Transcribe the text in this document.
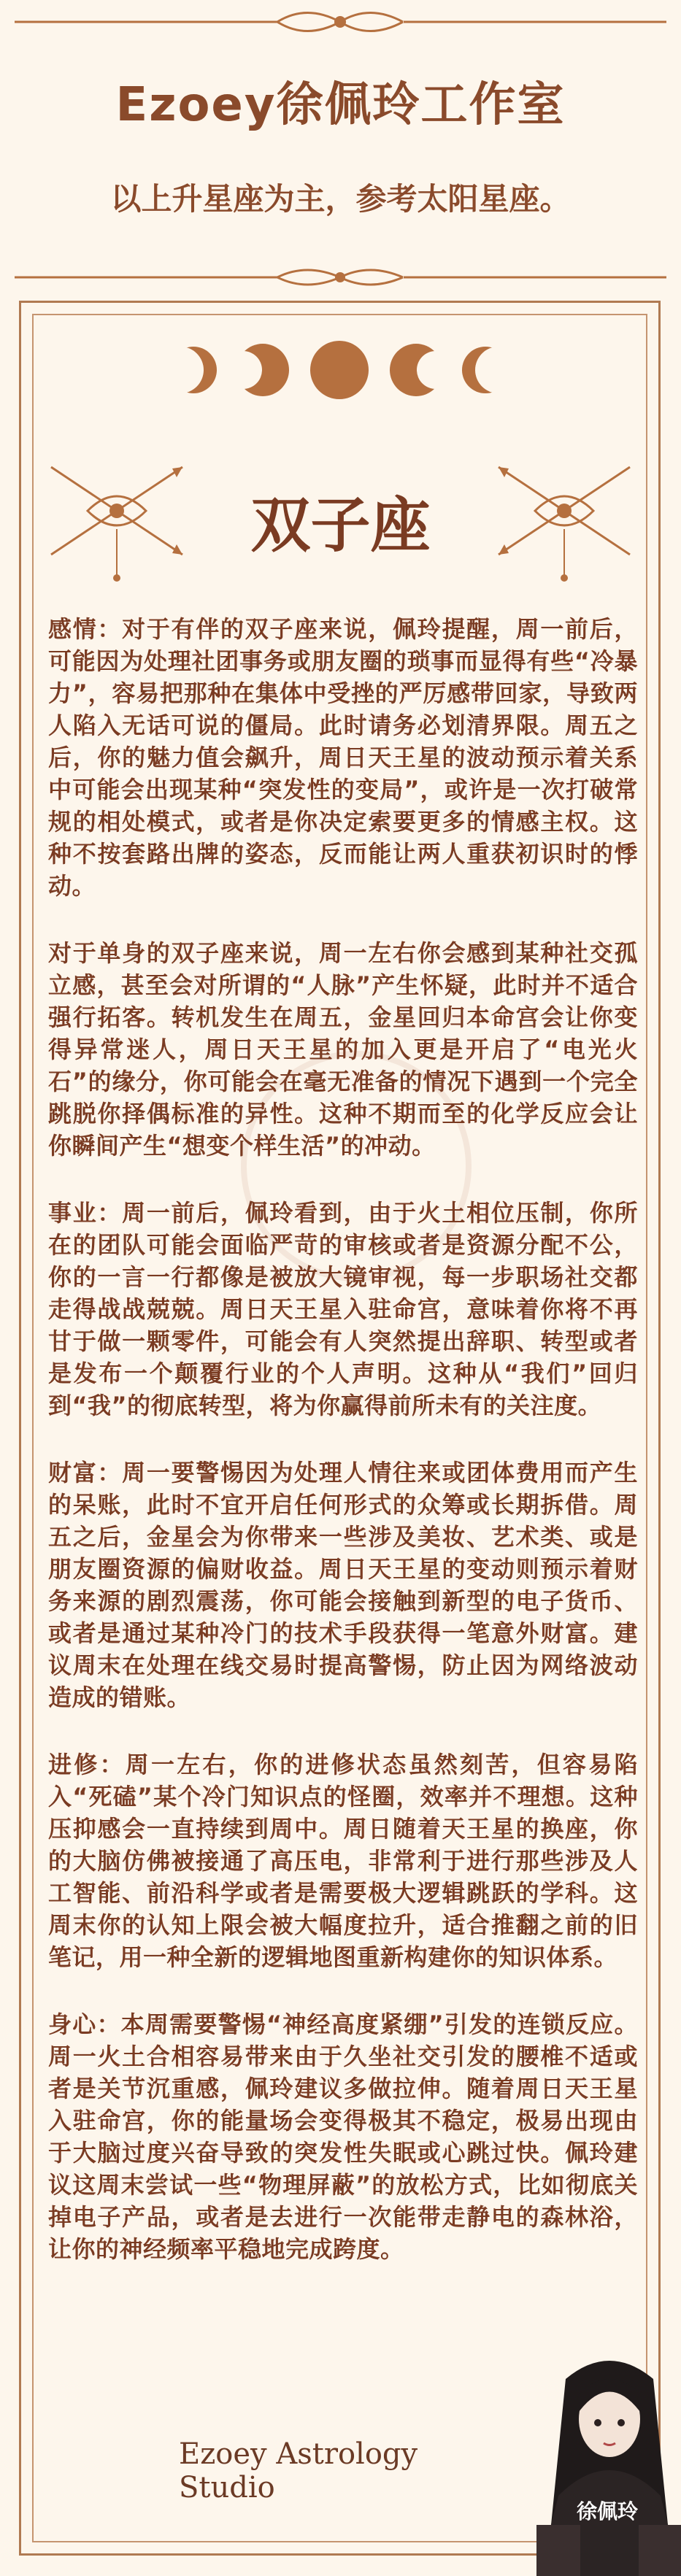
Ezoey徐佩玲工作室
以上升星座为主，参考太阳星座。
双子座

感情：对于有伴的双子座来说，佩玲提醒，周一前后，可能因为处理社团事务或朋友圈的琐事而显得有些“冷暴力”，容易把那种在集体中受挫的严厉感带回家，导致两人陷入无话可说的僵局。此时请务必划清界限。周五之后，你的魅力值会飙升，周日天王星的波动预示着关系中可能会出现某种“突发性的变局”，或许是一次打破常规的相处模式，或者是你决定索要更多的情感主权。这种不按套路出牌的姿态，反而能让两人重获初识时的悸动。

对于单身的双子座来说，周一左右你会感到某种社交孤立感，甚至会对所谓的“人脉”产生怀疑，此时并不适合强行拓客。转机发生在周五，金星回归本命宫会让你变得异常迷人，周日天王星的加入更是开启了“电光火石”的缘分，你可能会在毫无准备的情况下遇到一个完全跳脱你择偶标准的异性。这种不期而至的化学反应会让你瞬间产生“想变个样生活”的冲动。

事业：周一前后，佩玲看到，由于火土相位压制，你所在的团队可能会面临严苛的审核或者是资源分配不公，你的一言一行都像是被放大镜审视，每一步职场社交都走得战战兢兢。周日天王星入驻命宫，意味着你将不再甘于做一颗零件，可能会有人突然提出辞职、转型或者是发布一个颠覆行业的个人声明。这种从“我们”回归到“我”的彻底转型，将为你赢得前所未有的关注度。

财富：周一要警惕因为处理人情往来或团体费用而产生的呆账，此时不宜开启任何形式的众筹或长期拆借。周五之后，金星会为你带来一些涉及美妆、艺术类、或是朋友圈资源的偏财收益。周日天王星的变动则预示着财务来源的剧烈震荡，你可能会接触到新型的电子货币、或者是通过某种冷门的技术手段获得一笔意外财富。建议周末在处理在线交易时提高警惕，防止因为网络波动造成的错账。

进修：周一左右，你的进修状态虽然刻苦，但容易陷入“死磕”某个冷门知识点的怪圈，效率并不理想。这种压抑感会一直持续到周中。周日随着天王星的换座，你的大脑仿佛被接通了高压电，非常利于进行那些涉及人工智能、前沿科学或者是需要极大逻辑跳跃的学科。这周末你的认知上限会被大幅度拉升，适合推翻之前的旧笔记，用一种全新的逻辑地图重新构建你的知识体系。

身心：本周需要警惕“神经高度紧绷”引发的连锁反应。周一火土合相容易带来由于久坐社交引发的腰椎不适或者是关节沉重感，佩玲建议多做拉伸。随着周日天王星入驻命宫，你的能量场会变得极其不稳定，极易出现由于大脑过度兴奋导致的突发性失眠或心跳过快。佩玲建议这周末尝试一些“物理屏蔽”的放松方式，比如彻底关掉电子产品，或者是去进行一次能带走静电的森林浴，让你的神经频率平稳地完成跨度。

Ezoey Astrology Studio
徐佩玲
